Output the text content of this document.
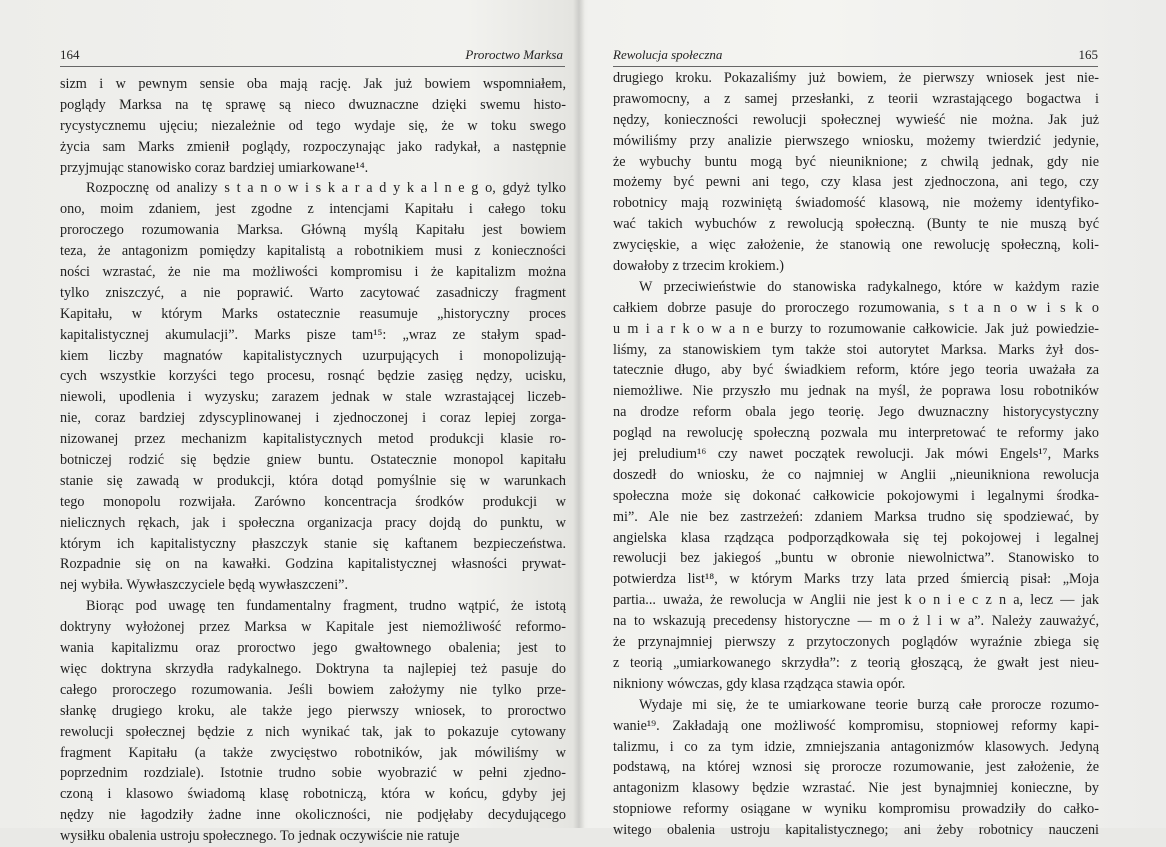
164	Proroctwo Marksa
sizm i w pewnym sensie oba mają rację. Jak już bowiem wspomniałem,
poglądy Marksa na tę sprawę są nieco dwuznaczne dzięki swemu histo-
rycystycznemu ujęciu; niezależnie od tego wydaje się, że w toku swego
życia sam Marks zmienił poglądy, rozpoczynając jako radykał, a następnie
przyjmując stanowisko coraz bardziej umiarkowane¹⁴.
Rozpocznę od analizy s t a n o w i s k a r a d y k a l n e g o, gdyż tylko
ono, moim zdaniem, jest zgodne z intencjami Kapitału i całego toku
proroczego rozumowania Marksa. Główną myślą Kapitału jest bowiem
teza, że antagonizm pomiędzy kapitalistą a robotnikiem musi z konieczności
ności wzrastać, że nie ma możliwości kompromisu i że kapitalizm można
tylko zniszczyć, a nie poprawić. Warto zacytować zasadniczy fragment
Kapitału, w którym Marks ostatecznie reasumuje „historyczny proces
kapitalistycznej akumulacji”. Marks pisze tam¹⁵: „wraz ze stałym spad-
kiem liczby magnatów kapitalistycznych uzurpujących i monopolizują-
cych wszystkie korzyści tego procesu, rosnąć będzie zasięg nędzy, ucisku,
niewoli, upodlenia i wyzysku; zarazem jednak w stale wzrastającej liczeb-
nie, coraz bardziej zdyscyplinowanej i zjednoczonej i coraz lepiej zorga-
nizowanej przez mechanizm kapitalistycznych metod produkcji klasie ro-
botniczej rodzić się będzie gniew buntu. Ostatecznie monopol kapitału
stanie się zawadą w produkcji, która dotąd pomyślnie się w warunkach
tego monopolu rozwijała. Zarówno koncentracja środków produkcji w
nielicznych rękach, jak i społeczna organizacja pracy dojdą do punktu, w
którym ich kapitalistyczny płaszczyk stanie się kaftanem bezpieczeństwa.
Rozpadnie się on na kawałki. Godzina kapitalistycznej własności prywat-
nej wybiła. Wywłaszczyciele będą wywłaszczeni”.
Biorąc pod uwagę ten fundamentalny fragment, trudno wątpić, że istotą
doktryny wyłożonej przez Marksa w Kapitale jest niemożliwość reformo-
wania kapitalizmu oraz proroctwo jego gwałtownego obalenia; jest to
więc doktryna skrzydła radykalnego. Doktryna ta najlepiej też pasuje do
całego proroczego rozumowania. Jeśli bowiem założymy nie tylko prze-
słankę drugiego kroku, ale także jego pierwszy wniosek, to proroctwo
rewolucji społecznej będzie z nich wynikać tak, jak to pokazuje cytowany
fragment Kapitału (a także zwycięstwo robotników, jak mówiliśmy w
poprzednim rozdziale). Istotnie trudno sobie wyobrazić w pełni zjedno-
czoną i klasowo świadomą klasę robotniczą, która w końcu, gdyby jej
nędzy nie łagodziły żadne inne okoliczności, nie podjęłaby decydującego
wysiłku obalenia ustroju społecznego. To jednak oczywiście nie ratuje
Rewolucja społeczna	165
drugiego kroku. Pokazaliśmy już bowiem, że pierwszy wniosek jest nie-
prawomocny, a z samej przesłanki, z teorii wzrastającego bogactwa i
nędzy, konieczności rewolucji społecznej wywieść nie można. Jak już
mówiliśmy przy analizie pierwszego wniosku, możemy twierdzić jedynie,
że wybuchy buntu mogą być nieuniknione; z chwilą jednak, gdy nie
możemy być pewni ani tego, czy klasa jest zjednoczona, ani tego, czy
robotnicy mają rozwiniętą świadomość klasową, nie możemy identyfiko-
wać takich wybuchów z rewolucją społeczną. (Bunty te nie muszą być
zwycięskie, a więc założenie, że stanowią one rewolucję społeczną, koli-
dowałoby z trzecim krokiem.)
W przeciwieństwie do stanowiska radykalnego, które w każdym razie
całkiem dobrze pasuje do proroczego rozumowania, s t a n o w i s k o
u m i a r k o w a n e burzy to rozumowanie całkowicie. Jak już powiedzie-
liśmy, za stanowiskiem tym także stoi autorytet Marksa. Marks żył dos-
tatecznie długo, aby być świadkiem reform, które jego teoria uważała za
niemożliwe. Nie przyszło mu jednak na myśl, że poprawa losu robotników
na drodze reform obala jego teorię. Jego dwuznaczny historycystyczny
pogląd na rewolucję społeczną pozwala mu interpretować te reformy jako
jej preludium¹⁶ czy nawet początek rewolucji. Jak mówi Engels¹⁷, Marks
doszedł do wniosku, że co najmniej w Anglii „nieunikniona rewolucja
społeczna może się dokonać całkowicie pokojowymi i legalnymi środka-
mi”. Ale nie bez zastrzeżeń: zdaniem Marksa trudno się spodziewać, by
angielska klasa rządząca podporządkowała się tej pokojowej i legalnej
rewolucji bez jakiegoś „buntu w obronie niewolnictwa”. Stanowisko to
potwierdza list¹⁸, w którym Marks trzy lata przed śmiercią pisał: „Moja
partia... uważa, że rewolucja w Anglii nie jest k o n i e c z n a, lecz — jak
na to wskazują precedensy historyczne — m o ż l i w a”. Należy zauważyć,
że przynajmniej pierwszy z przytoczonych poglądów wyraźnie zbiega się
z teorią „umiarkowanego skrzydła”: z teorią głoszącą, że gwałt jest nieu-
nikniony wówczas, gdy klasa rządząca stawia opór.
Wydaje mi się, że te umiarkowane teorie burzą całe prorocze rozumo-
wanie¹⁹. Zakładają one możliwość kompromisu, stopniowej reformy kapi-
talizmu, i co za tym idzie, zmniejszania antagonizmów klasowych. Jedyną
podstawą, na której wznosi się prorocze rozumowanie, jest założenie, że
antagonizm klasowy będzie wzrastać. Nie jest bynajmniej konieczne, by
stopniowe reformy osiągane w wyniku kompromisu prowadziły do całko-
witego obalenia ustroju kapitalistycznego; ani żeby robotnicy nauczeni
